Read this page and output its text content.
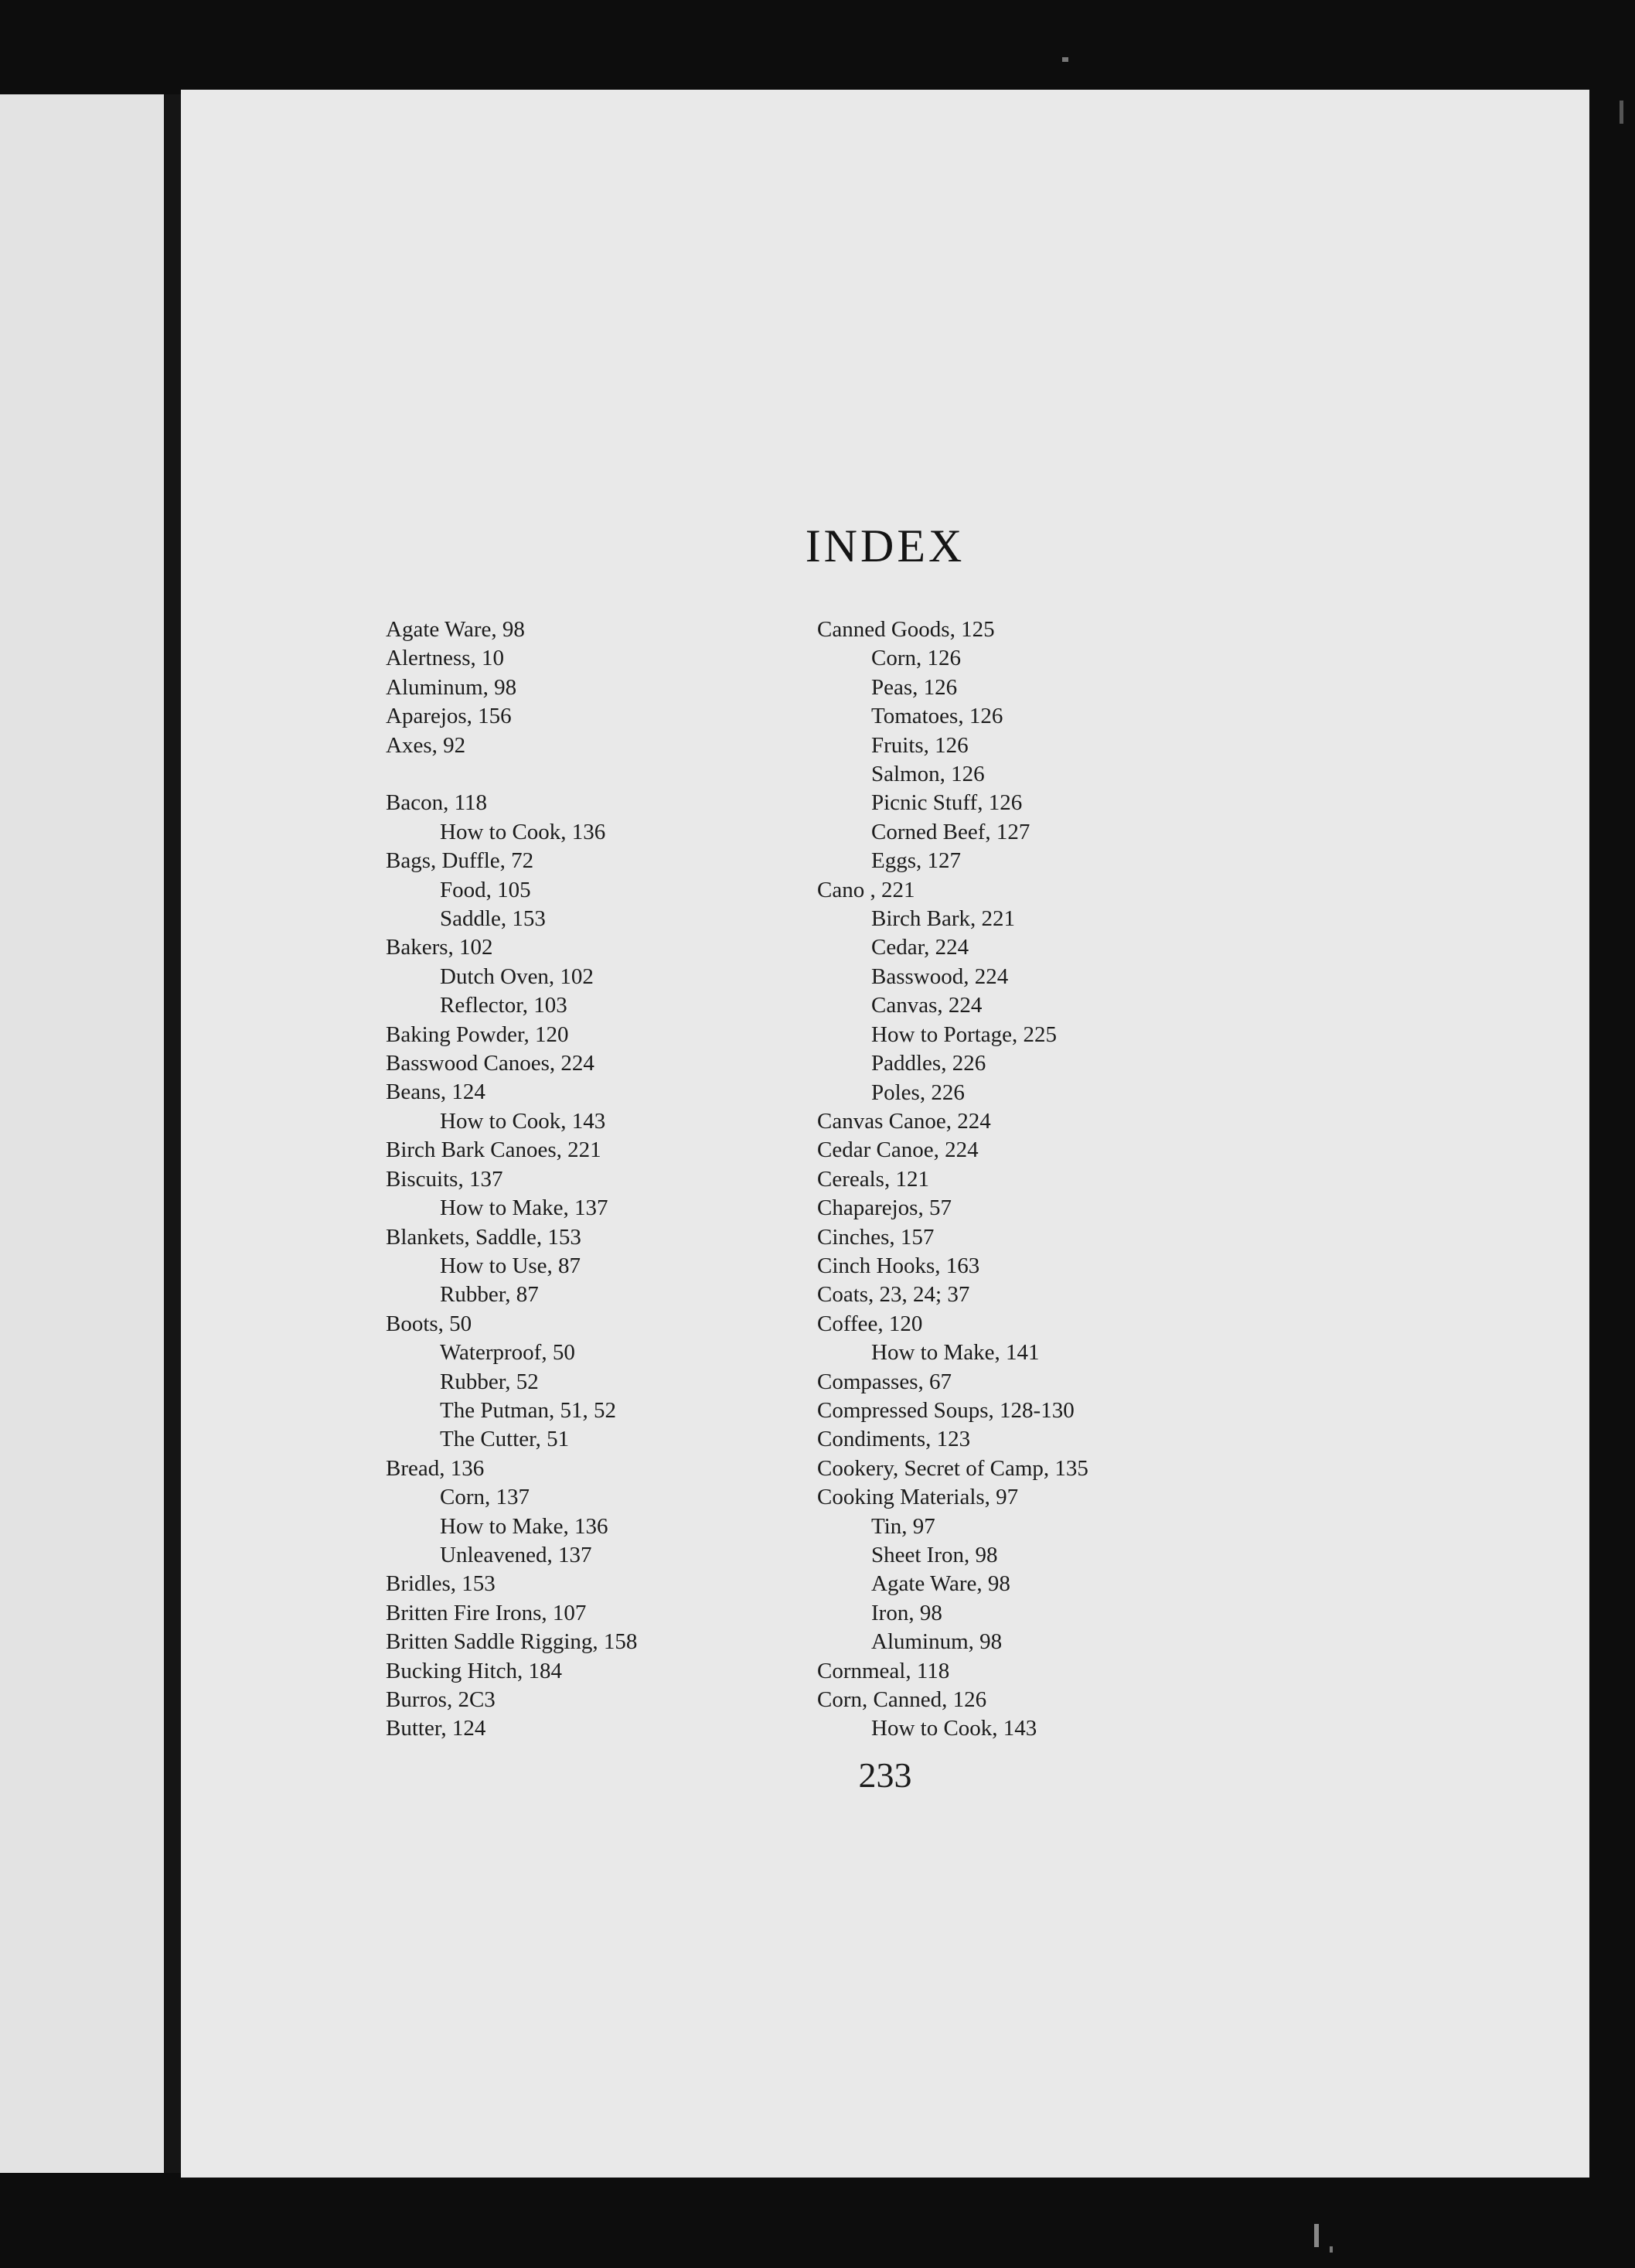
INDEX
Agate Ware, 98
Alertness, 10
Aluminum, 98
Aparejos, 156
Axes, 92
Bacon, 118
How to Cook, 136
Bags, Duffle, 72
Food, 105
Saddle, 153
Bakers, 102
Dutch Oven, 102
Reflector, 103
Baking Powder, 120
Basswood Canoes, 224
Beans, 124
How to Cook, 143
Birch Bark Canoes, 221
Biscuits, 137
How to Make, 137
Blankets, Saddle, 153
How to Use, 87
Rubber, 87
Boots, 50
Waterproof, 50
Rubber, 52
The Putman, 51, 52
The Cutter, 51
Bread, 136
Corn, 137
How to Make, 136
Unleavened, 137
Bridles, 153
Britten Fire Irons, 107
Britten Saddle Rigging, 158
Bucking Hitch, 184
Burros, 2C3
Butter, 124
Canned Goods, 125
Corn, 126
Peas, 126
Tomatoes, 126
Fruits, 126
Salmon, 126
Picnic Stuff, 126
Corned Beef, 127
Eggs, 127
Cano , 221
Birch Bark, 221
Cedar, 224
Basswood, 224
Canvas, 224
How to Portage, 225
Paddles, 226
Poles, 226
Canvas Canoe, 224
Cedar Canoe, 224
Cereals, 121
Chaparejos, 57
Cinches, 157
Cinch Hooks, 163
Coats, 23, 24; 37
Coffee, 120
How to Make, 141
Compasses, 67
Compressed Soups, 128-130
Condiments, 123
Cookery, Secret of Camp, 135
Cooking Materials, 97
Tin, 97
Sheet Iron, 98
Agate Ware, 98
Iron, 98
Aluminum, 98
Cornmeal, 118
Corn, Canned, 126
How to Cook, 143
233
